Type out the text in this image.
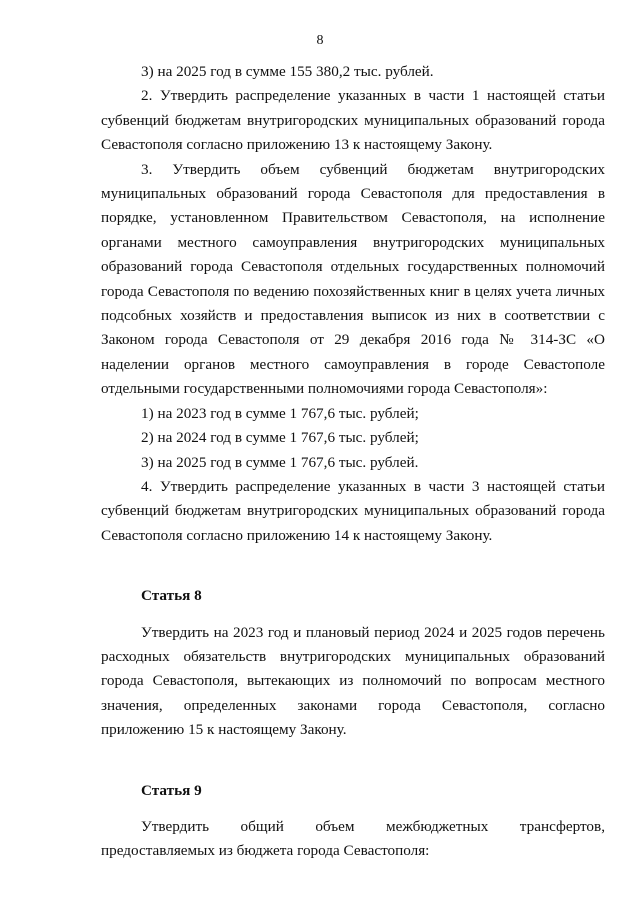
8

3) на 2025 год в сумме 155 380,2 тыс. рублей.

2. Утвердить распределение указанных в части 1 настоящей статьи субвенций бюджетам внутригородских муниципальных образований города Севастополя согласно приложению 13 к настоящему Закону.

3. Утвердить объем субвенций бюджетам внутригородских муниципальных образований города Севастополя для предоставления в порядке, установленном Правительством Севастополя, на исполнение органами местного самоуправления внутригородских муниципальных образований города Севастополя отдельных государственных полномочий города Севастополя по ведению похозяйственных книг в целях учета личных подсобных хозяйств и предоставления выписок из них в соответствии с Законом города Севастополя от 29 декабря 2016 года № 314-ЗС «О наделении органов местного самоуправления в городе Севастополе отдельными государственными полномочиями города Севастополя»:

1) на 2023 год в сумме 1 767,6 тыс. рублей;

2) на 2024 год в сумме 1 767,6 тыс. рублей;

3) на 2025 год в сумме 1 767,6 тыс. рублей.

4. Утвердить распределение указанных в части 3 настоящей статьи субвенций бюджетам внутригородских муниципальных образований города Севастополя согласно приложению 14 к настоящему Закону.

Статья 8

Утвердить на 2023 год и плановый период 2024 и 2025 годов перечень расходных обязательств внутригородских муниципальных образований города Севастополя, вытекающих из полномочий по вопросам местного значения, определенных законами города Севастополя, согласно приложению 15 к настоящему Закону.

Статья 9

Утвердить общий объем межбюджетных трансфертов, предоставляемых из бюджета города Севастополя:
